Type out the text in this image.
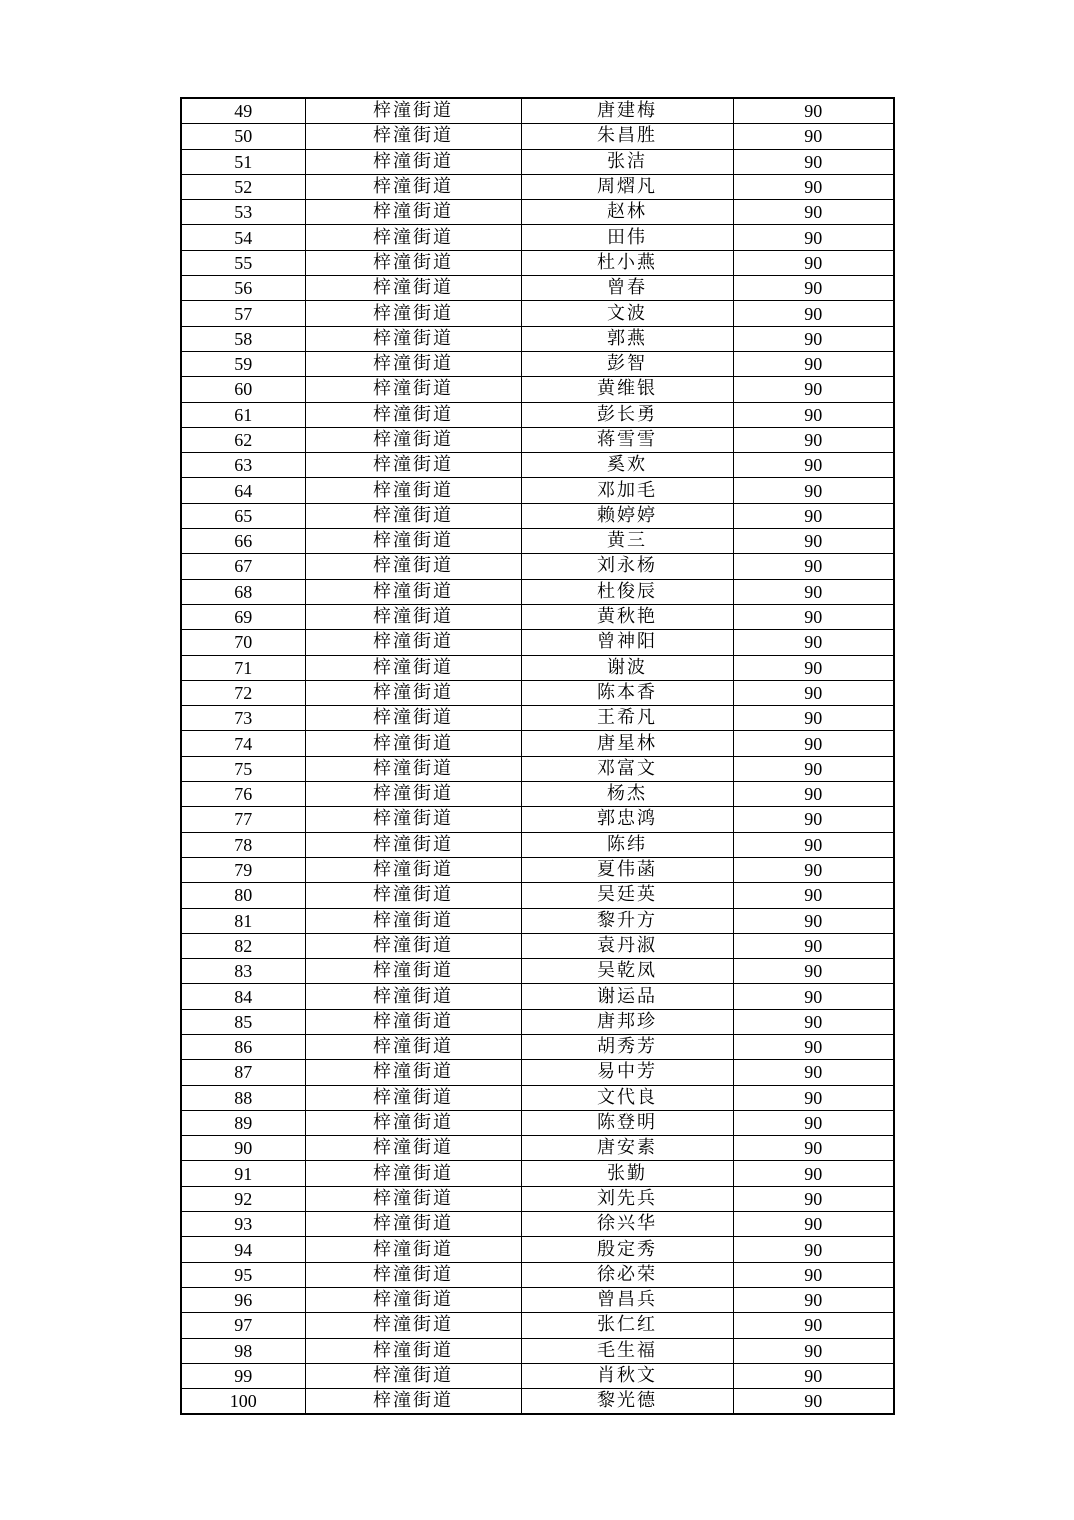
49	梓潼街道	唐建梅	90
50	梓潼街道	朱昌胜	90
51	梓潼街道	张洁	90
52	梓潼街道	周熠凡	90
53	梓潼街道	赵林	90
54	梓潼街道	田伟	90
55	梓潼街道	杜小燕	90
56	梓潼街道	曾春	90
57	梓潼街道	文波	90
58	梓潼街道	郭燕	90
59	梓潼街道	彭智	90
60	梓潼街道	黄维银	90
61	梓潼街道	彭长勇	90
62	梓潼街道	蒋雪雪	90
63	梓潼街道	奚欢	90
64	梓潼街道	邓加毛	90
65	梓潼街道	赖婷婷	90
66	梓潼街道	黄三	90
67	梓潼街道	刘永杨	90
68	梓潼街道	杜俊辰	90
69	梓潼街道	黄秋艳	90
70	梓潼街道	曾神阳	90
71	梓潼街道	谢波	90
72	梓潼街道	陈本香	90
73	梓潼街道	王希凡	90
74	梓潼街道	唐星林	90
75	梓潼街道	邓富文	90
76	梓潼街道	杨杰	90
77	梓潼街道	郭忠鸿	90
78	梓潼街道	陈纬	90
79	梓潼街道	夏伟菡	90
80	梓潼街道	吴廷英	90
81	梓潼街道	黎升方	90
82	梓潼街道	袁丹淑	90
83	梓潼街道	吴乾凤	90
84	梓潼街道	谢运品	90
85	梓潼街道	唐邦珍	90
86	梓潼街道	胡秀芳	90
87	梓潼街道	易中芳	90
88	梓潼街道	文代良	90
89	梓潼街道	陈登明	90
90	梓潼街道	唐安素	90
91	梓潼街道	张勤	90
92	梓潼街道	刘先兵	90
93	梓潼街道	徐兴华	90
94	梓潼街道	殷定秀	90
95	梓潼街道	徐必荣	90
96	梓潼街道	曾昌兵	90
97	梓潼街道	张仁红	90
98	梓潼街道	毛生福	90
99	梓潼街道	肖秋文	90
100	梓潼街道	黎光德	90
